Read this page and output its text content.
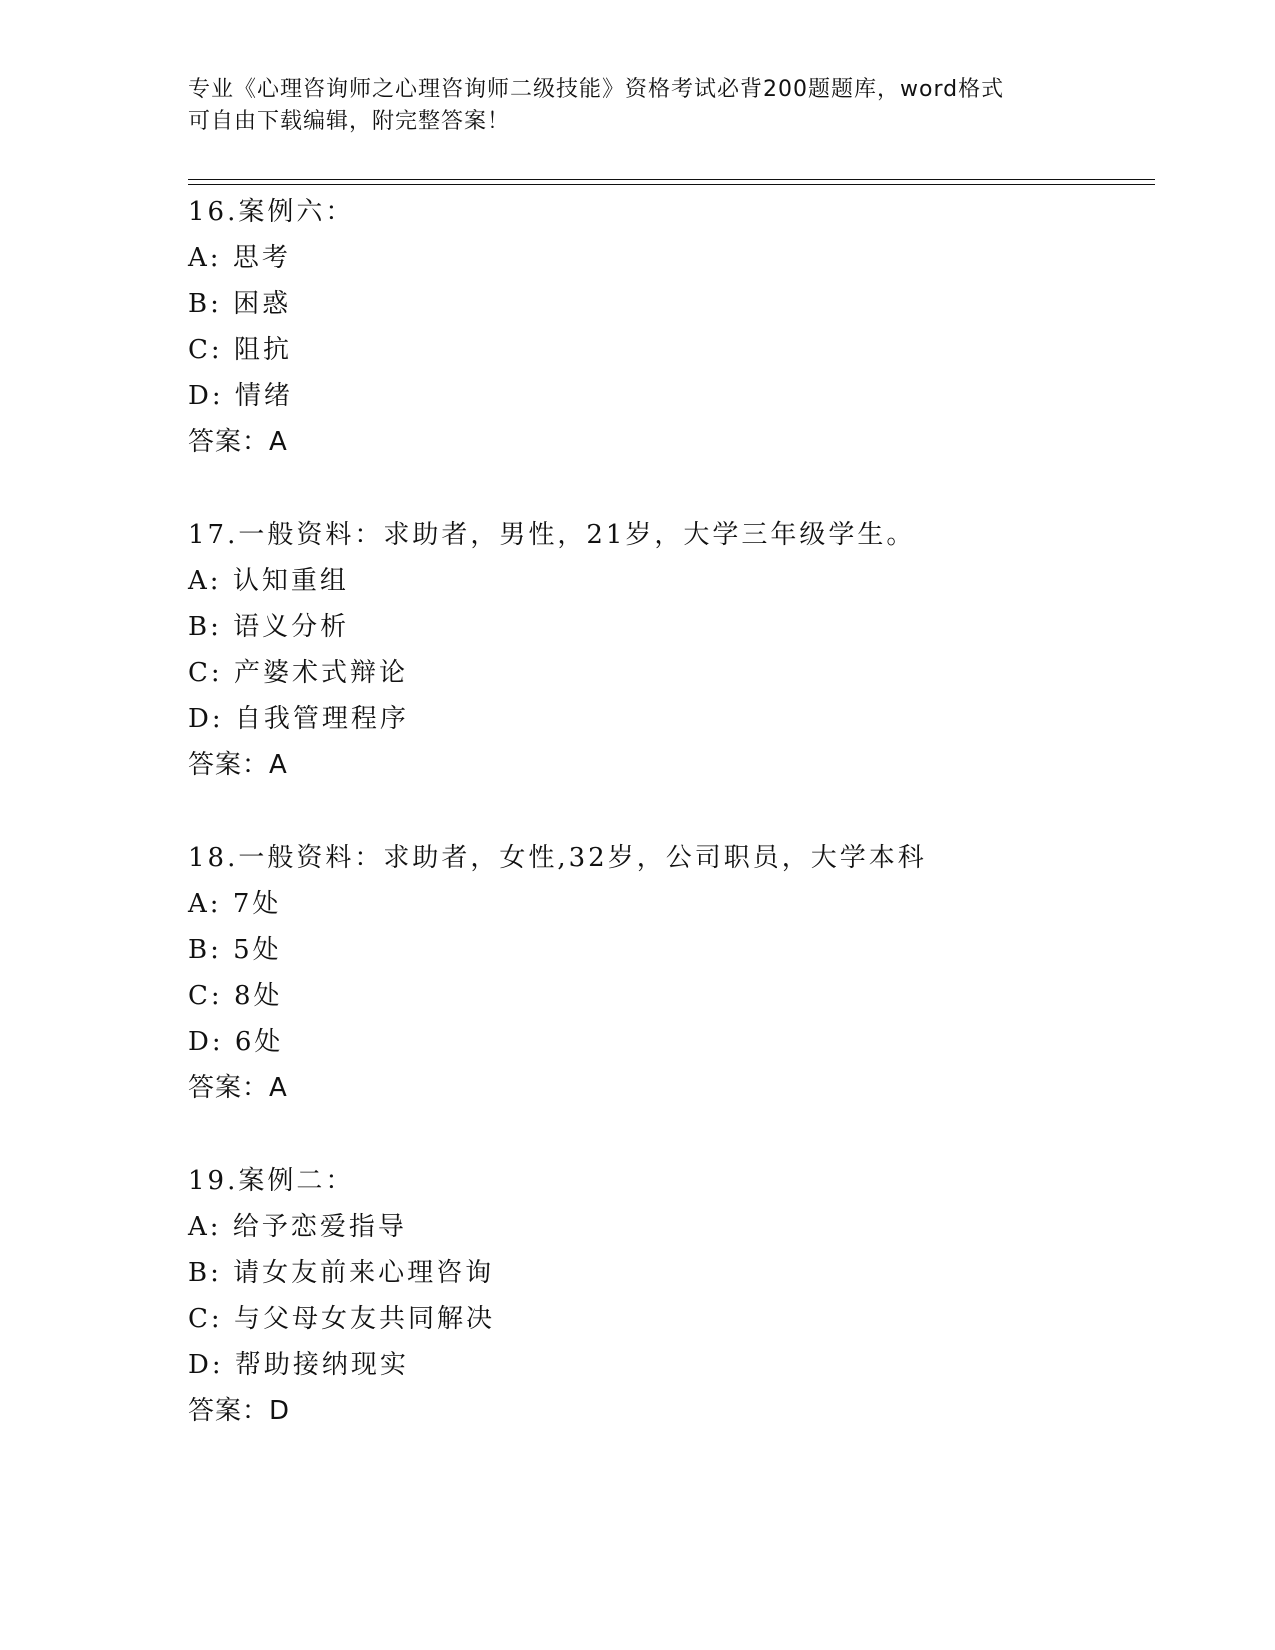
专业《心理咨询师之心理咨询师二级技能》资格考试必背200题题库，word格式
可自由下载编辑，附完整答案！
16.案例六：
A: 思考
B: 困惑
C: 阻抗
D: 情绪
答案：A
17.一般资料：求助者，男性，21岁，大学三年级学生。
A: 认知重组
B: 语义分析
C: 产婆术式辩论
D: 自我管理程序
答案：A
18.一般资料：求助者，女性,32岁，公司职员，大学本科
A: 7处
B: 5处
C: 8处
D: 6处
答案：A
19.案例二：
A: 给予恋爱指导
B: 请女友前来心理咨询
C: 与父母女友共同解决
D: 帮助接纳现实
答案：D
